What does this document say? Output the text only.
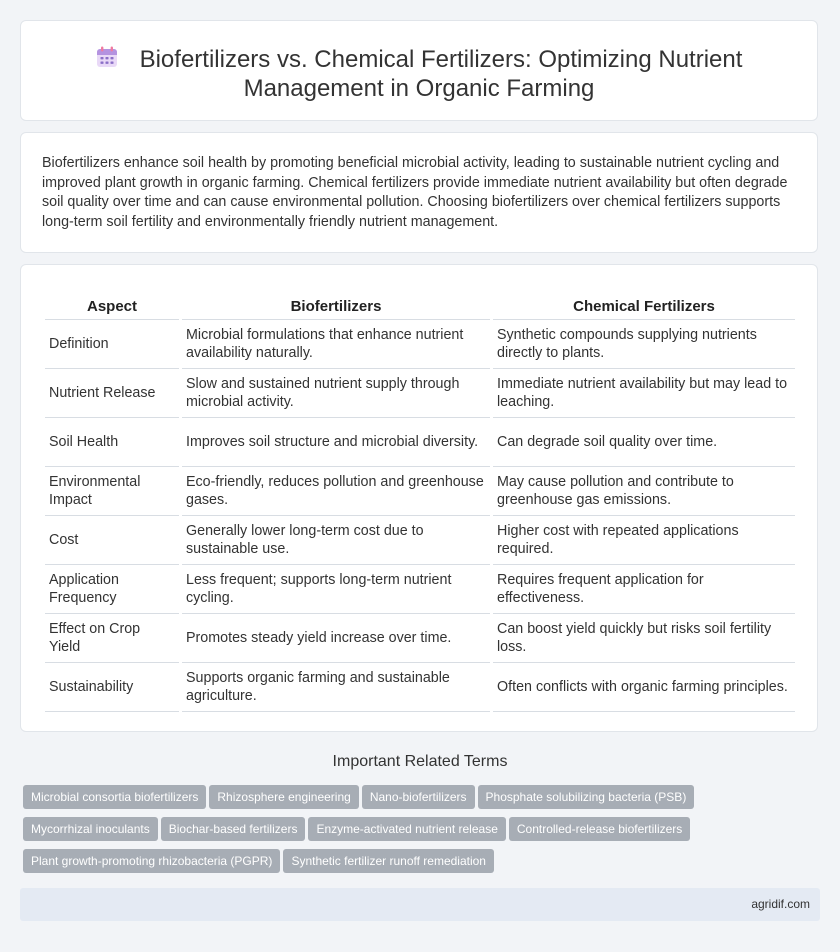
Biofertilizers vs. Chemical Fertilizers: Optimizing Nutrient
Management in Organic Farming
Biofertilizers enhance soil health by promoting beneficial microbial activity, leading to sustainable nutrient cycling and improved plant growth in organic farming. Chemical fertilizers provide immediate nutrient availability but often degrade soil quality over time and can cause environmental pollution. Choosing biofertilizers over chemical fertilizers supports long-term soil fertility and environmentally friendly nutrient management.
Aspect	Biofertilizers	Chemical Fertilizers
Definition	Microbial formulations that enhance nutrient availability naturally.	Synthetic compounds supplying nutrients directly to plants.
Nutrient Release	Slow and sustained nutrient supply through microbial activity.	Immediate nutrient availability but may lead to leaching.
Soil Health	Improves soil structure and microbial diversity.	Can degrade soil quality over time.
Environmental Impact	Eco-friendly, reduces pollution and greenhouse gases.	May cause pollution and contribute to greenhouse gas emissions.
Cost	Generally lower long-term cost due to sustainable use.	Higher cost with repeated applications required.
Application Frequency	Less frequent; supports long-term nutrient cycling.	Requires frequent application for effectiveness.
Effect on Crop Yield	Promotes steady yield increase over time.	Can boost yield quickly but risks soil fertility loss.
Sustainability	Supports organic farming and sustainable agriculture.	Often conflicts with organic farming principles.
Important Related Terms
Microbial consortia biofertilizers Rhizosphere engineering Nano-biofertilizers Phosphate solubilizing bacteria (PSB)
Mycorrhizal inoculants Biochar-based fertilizers Enzyme-activated nutrient release Controlled-release biofertilizers
Plant growth-promoting rhizobacteria (PGPR) Synthetic fertilizer runoff remediation
agridif.com
